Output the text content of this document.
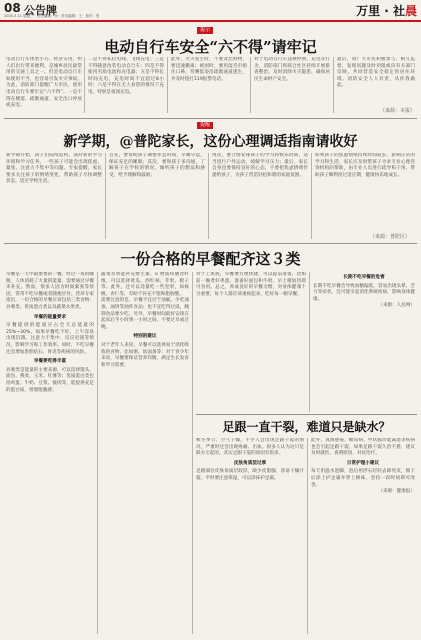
08 公告牌
2020.3.11 星期三 · 责任编辑：李 · 美术编辑：王 · 校对：张	万里 · 社晨
提示
电动自行车安全“六不得”请牢记
电动自行车体型小巧、经济实用，给人们出行带来便利，是城乡居民最常用的交通工具之一。但是电动自行车如使用不当，也容易引发火灾事故。为此，消防部门提醒广大市民，使用电动自行车要牢记“六不得”。一是不得在楼道、疏散通道、安全出口停放或充电；
二是不得私拉电线、飞线充电；三是不得随意改装电动自行车；四是不得使用劣质电池和充电器；五是不得长时间充电，充电时间不宜超过8小时；六是不得在无人看管的情况下充电，特别是夜间充电。
此外，火灾发生时，不要贪恋财物，要迅速撤离；被困时，要用湿毛巾捂住口鼻，弯腰低姿沿疏散通道逃生，并及时拨打119报警电话。
对于电动自行车违规停放、充电等行为，消防部门将联合社区持续开展排查整治，及时消除火灾隐患，确保居民生命财产安全。
最后，请广大市民积极参与、相互监督，发现问题及时劝阻或向有关部门反映，共同营造安全稳定的居住环境。消防安全人人有责，从你我做起。
（来源：本报）
提醒
新学期，@普陀家长，这份心理调适指南请收好
新学期开始，孩子们陆续返校。面对新的学习环境和学习任务，一些孩子可能会出现焦虑、紧张、注意力不集中等问题。专家提醒，家长要多关注孩子的情绪变化，帮助孩子尽快调整状态，适应学校生活。
首先，要帮助孩子调整作息时间，早睡早起，保证充足的睡眠；其次，要和孩子多沟通，了解孩子在学校的情况，倾听孩子的想法和感受，给予理解和鼓励；
再次，要合理安排孩子的学习和娱乐时间，适当进行户外运动，缓解学习压力；最后，家长自身也要保持良好的心态，不要把焦虑情绪传递给孩子，为孩子营造轻松和谐的家庭氛围。
如果孩子的焦虑情绪持续时间较长，影响正常的学习和生活，家长应及时带孩子寻求专业心理咨询机构的帮助，由专业人员进行疏导和干预，帮助孩子顺利度过适应期，健康快乐地成长。
（来源：普陀区）
一份合格的早餐配齐这３类
早餐是一天中最重要的一餐。经过一夜的睡眠，人体消耗了大量的能量，需要通过早餐来补充。然而，很多人因为时间紧张等原因，常常不吃早餐或者随便应付。营养专家指出，一份合格的早餐应该包括三类食物：谷薯类、优质蛋白类以及蔬菜水果类。
早餐的能量要求
早餐提供的能量应占全天总能量的25%~30%。如果早餐吃不好，上午容易出现饥饿、注意力不集中、反应迟钝等情况，影响学习和工作效率。同时，不吃早餐还会增加患胆结石、胃炎等疾病的风险。
早餐要吃得丰富
谷薯类是能量的主要来源，可以选择馒头、面包、燕麦、玉米、红薯等；优质蛋白类包括鸡蛋、牛奶、豆浆、瘦肉等，能提供充足的蛋白质，增强饱腹感；
蔬菜水果能补充维生素、矿物质和膳食纤维，可以选择黄瓜、西红柿、苹果、橙子等。此外，还可以适量吃一些坚果，如核桃、杏仁等，有助于补充不饱和脂肪酸。
需要注意的是，早餐不宜过于油腻，少吃油条、油饼等油炸食品；也不宜吃得过咸，腌制食品要少吃。另外，早餐时间最好安排在起床后半小时到一小时之间，不要过早或过晚。
特别的建议
对于老年人来说，早餐可以选择易于消化吸收的食物，比如粥、软面条等；对于青少年来说，早餐要保证营养均衡，满足生长发育和学习需要。
对于上班族，早餐要方便快捷，可以提前准备，比如前一晚煮好鸡蛋、准备好面包和牛奶，早上稍加热即可食用。总之，养成良好的早餐习惯，对身体健康十分重要，每个人都应该重视起来，吃好每一顿早餐。
长期不吃早餐的危害
长期不吃早餐会导致血糖偏低，容易出现头晕、乏力等症状，还可能引起消化系统疾病，影响身体健康。
（来源：人民网）
足跟一直干裂，难道只是缺水？
秋冬季节，空气干燥，不少人会出现足跟干裂的情况，严重时还会出现疼痛、出血。很多人认为这只是缺水引起的，其实足跟干裂的原因有很多。
皮肤角质层过厚
足跟部位皮肤角质层较厚，缺少皮脂腺，容易干燥开裂，平时要注意保湿，可以涂抹护足霜。
此外，真菌感染、糖尿病、甲状腺功能减退等疾病也会引起足跟干裂。如果足跟干裂久治不愈，建议及时就医，查明原因，对症治疗。
日常护理小建议
每天用温水泡脚，泡后用浮石轻轻去除死皮，擦干后涂上护足霜并穿上棉袜，坚持一段时间即可改善。
（来源：健康报）
